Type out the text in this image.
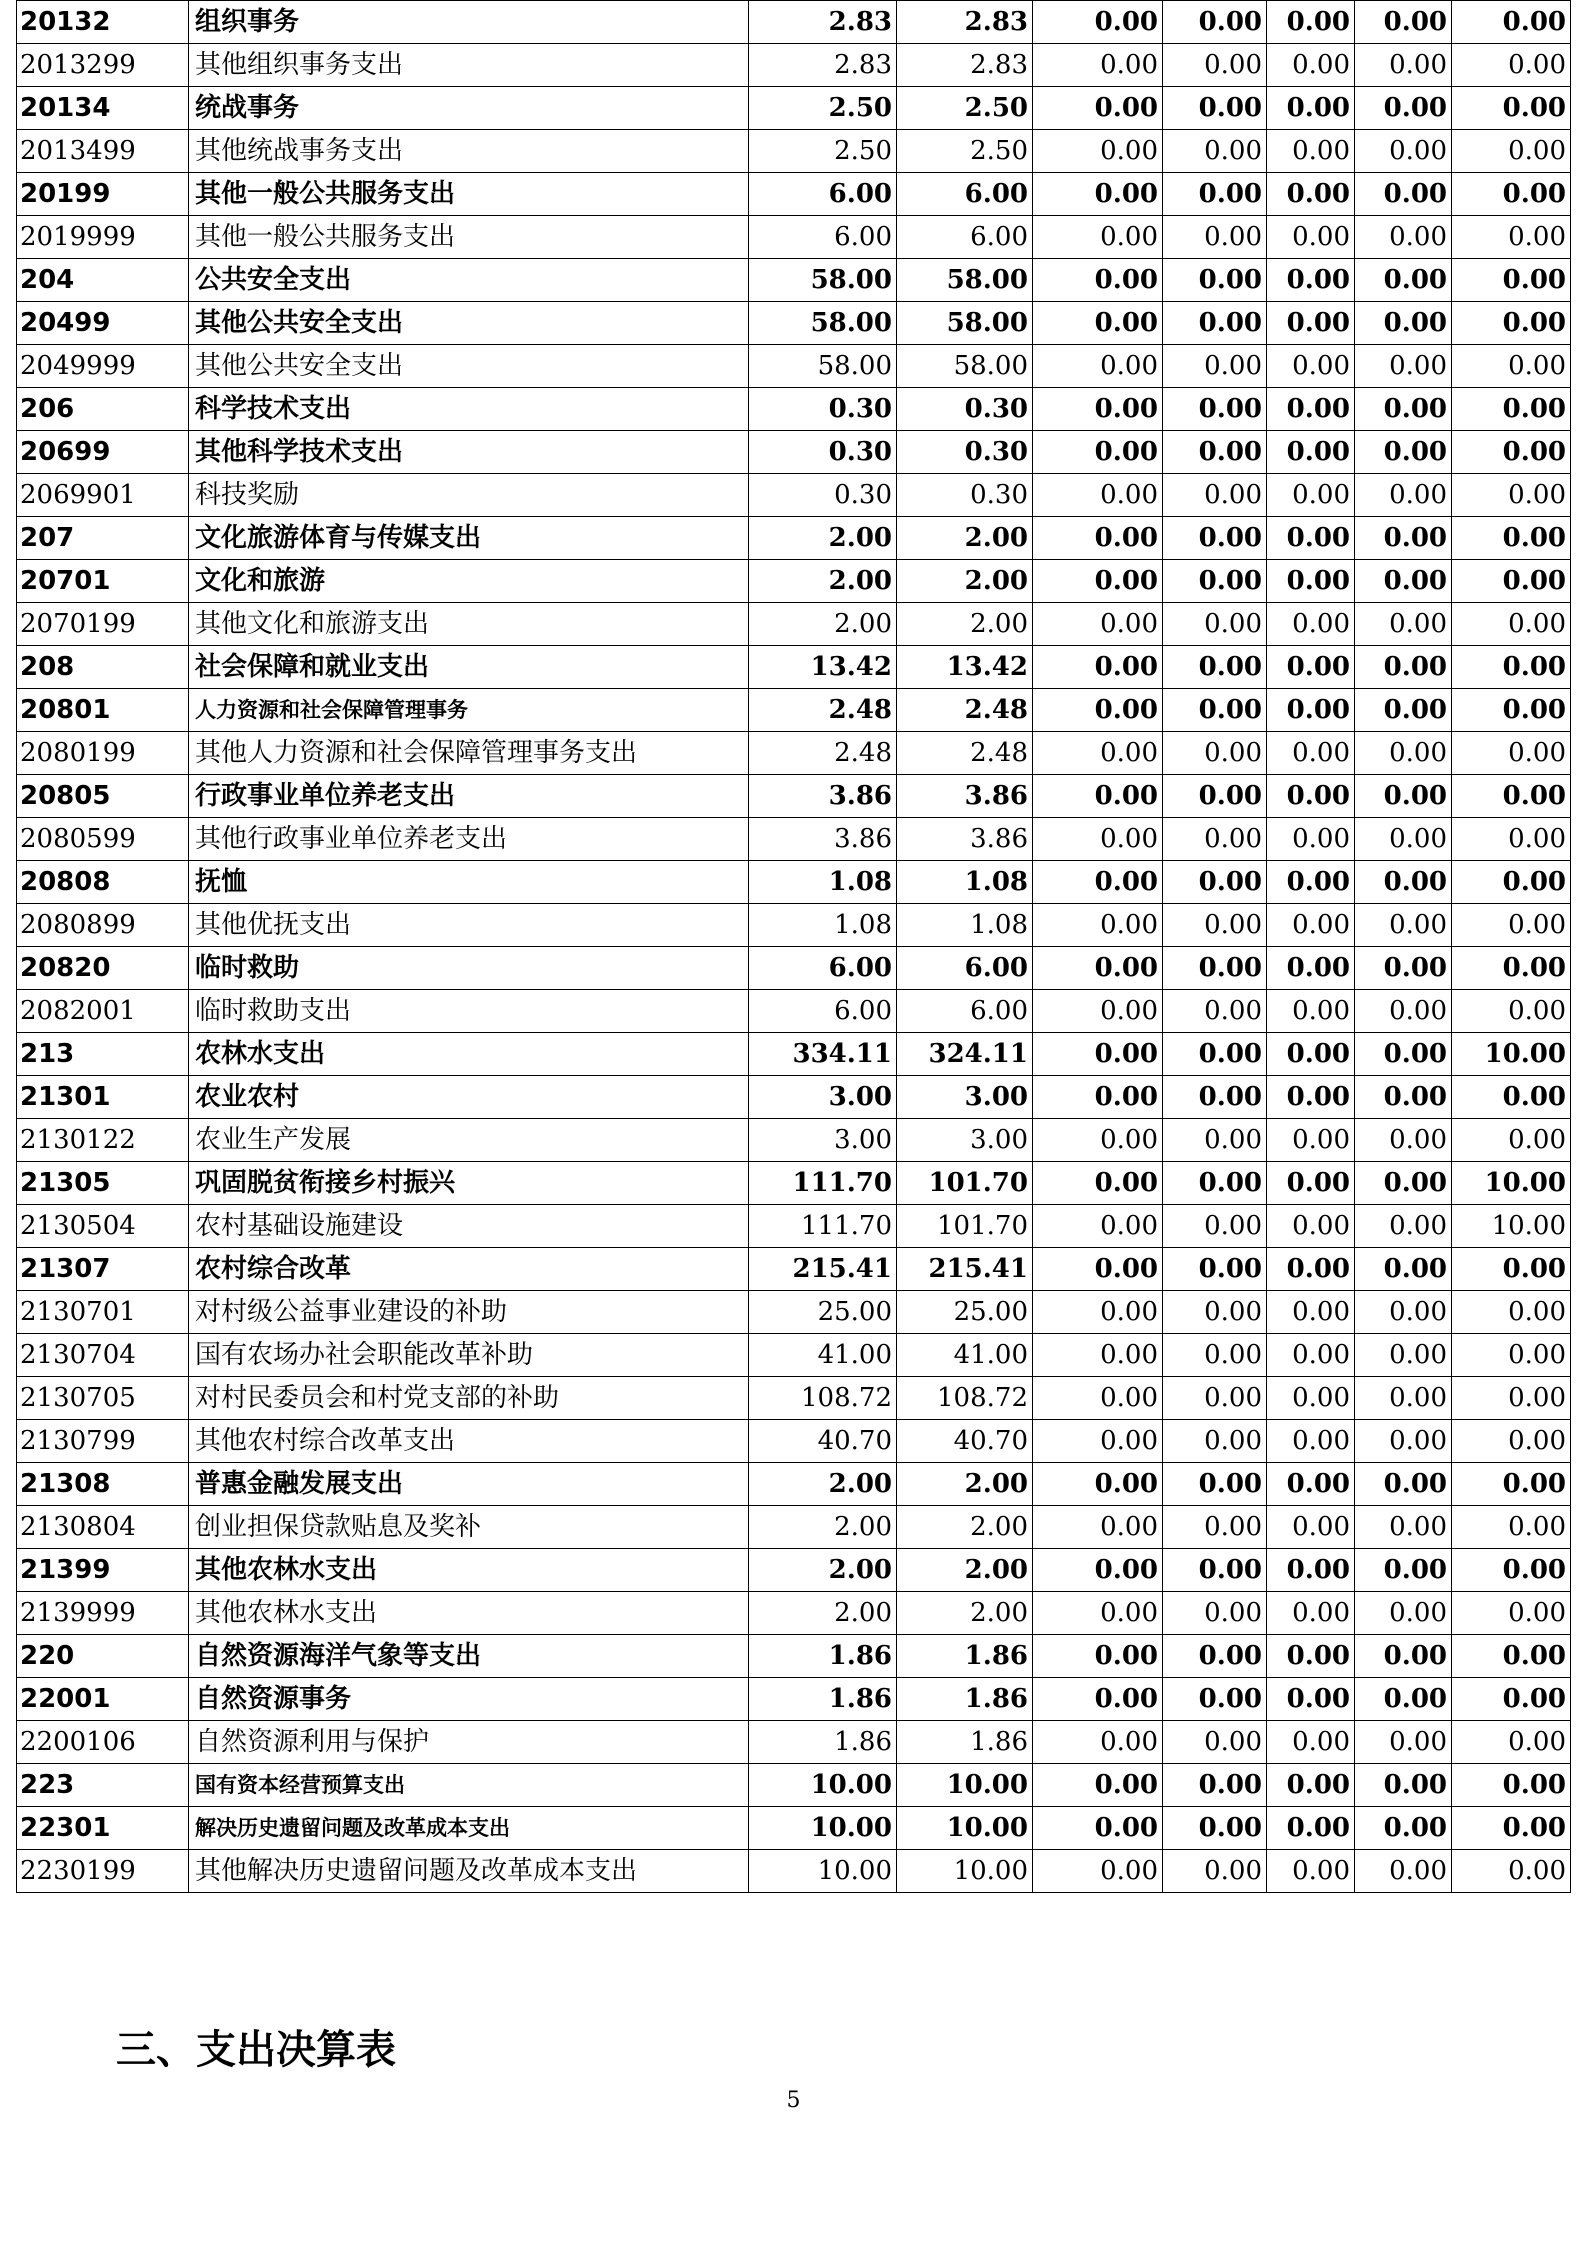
20132	组织事务	2.83	2.83	0.00	0.00	0.00	0.00	0.00
2013299	其他组织事务支出	2.83	2.83	0.00	0.00	0.00	0.00	0.00
20134	统战事务	2.50	2.50	0.00	0.00	0.00	0.00	0.00
2013499	其他统战事务支出	2.50	2.50	0.00	0.00	0.00	0.00	0.00
20199	其他一般公共服务支出	6.00	6.00	0.00	0.00	0.00	0.00	0.00
2019999	其他一般公共服务支出	6.00	6.00	0.00	0.00	0.00	0.00	0.00
204	公共安全支出	58.00	58.00	0.00	0.00	0.00	0.00	0.00
20499	其他公共安全支出	58.00	58.00	0.00	0.00	0.00	0.00	0.00
2049999	其他公共安全支出	58.00	58.00	0.00	0.00	0.00	0.00	0.00
206	科学技术支出	0.30	0.30	0.00	0.00	0.00	0.00	0.00
20699	其他科学技术支出	0.30	0.30	0.00	0.00	0.00	0.00	0.00
2069901	科技奖励	0.30	0.30	0.00	0.00	0.00	0.00	0.00
207	文化旅游体育与传媒支出	2.00	2.00	0.00	0.00	0.00	0.00	0.00
20701	文化和旅游	2.00	2.00	0.00	0.00	0.00	0.00	0.00
2070199	其他文化和旅游支出	2.00	2.00	0.00	0.00	0.00	0.00	0.00
208	社会保障和就业支出	13.42	13.42	0.00	0.00	0.00	0.00	0.00
20801	人力资源和社会保障管理事务	2.48	2.48	0.00	0.00	0.00	0.00	0.00
2080199	其他人力资源和社会保障管理事务支出	2.48	2.48	0.00	0.00	0.00	0.00	0.00
20805	行政事业单位养老支出	3.86	3.86	0.00	0.00	0.00	0.00	0.00
2080599	其他行政事业单位养老支出	3.86	3.86	0.00	0.00	0.00	0.00	0.00
20808	抚恤	1.08	1.08	0.00	0.00	0.00	0.00	0.00
2080899	其他优抚支出	1.08	1.08	0.00	0.00	0.00	0.00	0.00
20820	临时救助	6.00	6.00	0.00	0.00	0.00	0.00	0.00
2082001	临时救助支出	6.00	6.00	0.00	0.00	0.00	0.00	0.00
213	农林水支出	334.11	324.11	0.00	0.00	0.00	0.00	10.00
21301	农业农村	3.00	3.00	0.00	0.00	0.00	0.00	0.00
2130122	农业生产发展	3.00	3.00	0.00	0.00	0.00	0.00	0.00
21305	巩固脱贫衔接乡村振兴	111.70	101.70	0.00	0.00	0.00	0.00	10.00
2130504	农村基础设施建设	111.70	101.70	0.00	0.00	0.00	0.00	10.00
21307	农村综合改革	215.41	215.41	0.00	0.00	0.00	0.00	0.00
2130701	对村级公益事业建设的补助	25.00	25.00	0.00	0.00	0.00	0.00	0.00
2130704	国有农场办社会职能改革补助	41.00	41.00	0.00	0.00	0.00	0.00	0.00
2130705	对村民委员会和村党支部的补助	108.72	108.72	0.00	0.00	0.00	0.00	0.00
2130799	其他农村综合改革支出	40.70	40.70	0.00	0.00	0.00	0.00	0.00
21308	普惠金融发展支出	2.00	2.00	0.00	0.00	0.00	0.00	0.00
2130804	创业担保贷款贴息及奖补	2.00	2.00	0.00	0.00	0.00	0.00	0.00
21399	其他农林水支出	2.00	2.00	0.00	0.00	0.00	0.00	0.00
2139999	其他农林水支出	2.00	2.00	0.00	0.00	0.00	0.00	0.00
220	自然资源海洋气象等支出	1.86	1.86	0.00	0.00	0.00	0.00	0.00
22001	自然资源事务	1.86	1.86	0.00	0.00	0.00	0.00	0.00
2200106	自然资源利用与保护	1.86	1.86	0.00	0.00	0.00	0.00	0.00
223	国有资本经营预算支出	10.00	10.00	0.00	0.00	0.00	0.00	0.00
22301	解决历史遗留问题及改革成本支出	10.00	10.00	0.00	0.00	0.00	0.00	0.00
2230199	其他解决历史遗留问题及改革成本支出	10.00	10.00	0.00	0.00	0.00	0.00	0.00
三、支出决算表
5
